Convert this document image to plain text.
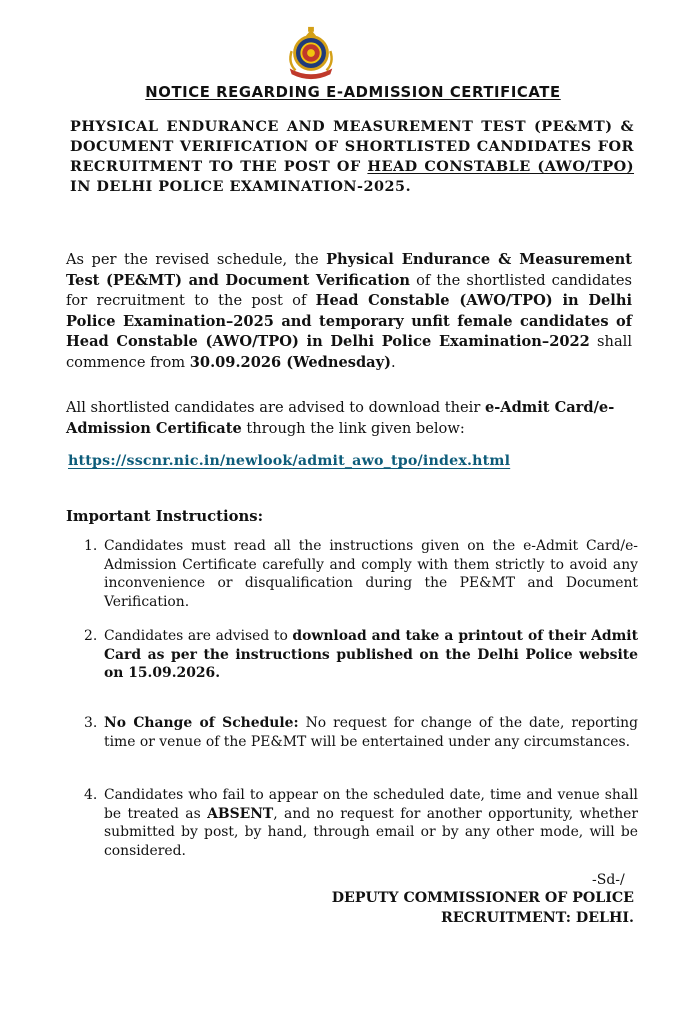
NOTICE REGARDING E-ADMISSION CERTIFICATE
PHYSICAL ENDURANCE AND MEASUREMENT TEST (PE&MT) & DOCUMENT VERIFICATION OF SHORTLISTED CANDIDATES FOR RECRUITMENT TO THE POST OF HEAD CONSTABLE (AWO/TPO) IN DELHI POLICE EXAMINATION-2025.
As per the revised schedule, the Physical Endurance & Measurement Test (PE&MT) and Document Verification of the shortlisted candidates for recruitment to the post of Head Constable (AWO/TPO) in Delhi Police Examination–2025 and temporary unfit female candidates of Head Constable (AWO/TPO) in Delhi Police Examination–2022 shall commence from 30.09.2026 (Wednesday).
All shortlisted candidates are advised to download their e-Admit Card/e-Admission Certificate through the link given below:
https://sscnr.nic.in/newlook/admit_awo_tpo/index.html
Important Instructions:
1. Candidates must read all the instructions given on the e-Admit Card/e-Admission Certificate carefully and comply with them strictly to avoid any inconvenience or disqualification during the PE&MT and Document Verification.
2. Candidates are advised to download and take a printout of their Admit Card as per the instructions published on the Delhi Police website on 15.09.2026.
3. No Change of Schedule: No request for change of the date, reporting time or venue of the PE&MT will be entertained under any circumstances.
4. Candidates who fail to appear on the scheduled date, time and venue shall be treated as ABSENT, and no request for another opportunity, whether submitted by post, by hand, through email or by any other mode, will be considered.
-Sd-/
DEPUTY COMMISSIONER OF POLICE
RECRUITMENT: DELHI.
